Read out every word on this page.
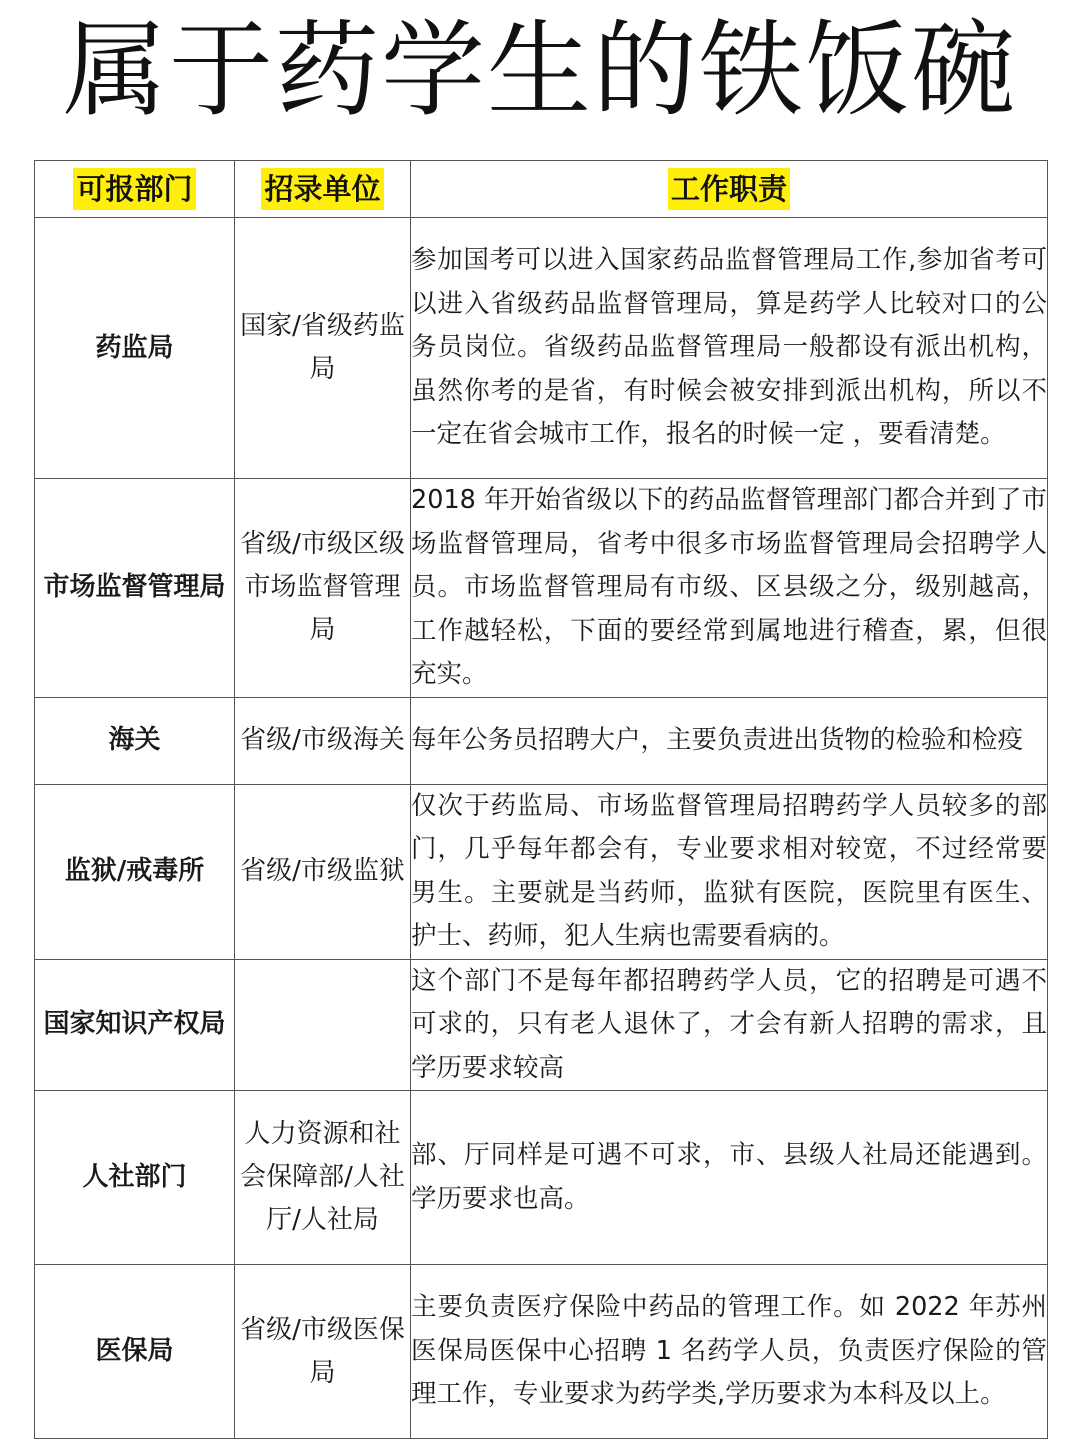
属于药学生的铁饭碗
可报部门	招录单位	工作职责
药监局	国家/省级药监局	参加国考可以进入国家药品监督管理局工作,参加省考可以进入省级药品监督管理局，算是药学人比较对口的公务员岗位。省级药品监督管理局一般都设有派出机构，虽然你考的是省，有时候会被安排到派出机构，所以不一定在省会城市工作，报名的时候一定 ，要看清楚。
市场监督管理局	省级/市级区级市场监督管理局	2018 年开始省级以下的药品监督管理部门都合并到了市场监督管理局，省考中很多市场监督管理局会招聘学人员。市场监督管理局有市级、区县级之分，级别越高，工作越轻松，下面的要经常到属地进行稽查，累，但很充实。
海关	省级/市级海关	每年公务员招聘大户，主要负责进出货物的检验和检疫
监狱/戒毒所	省级/市级监狱	仅次于药监局、市场监督管理局招聘药学人员较多的部门，几乎每年都会有，专业要求相对较宽，不过经常要男生。主要就是当药师，监狱有医院，医院里有医生、护士、药师，犯人生病也需要看病的。
国家知识产权局		这个部门不是每年都招聘药学人员，它的招聘是可遇不可求的，只有老人退休了，才会有新人招聘的需求，且学历要求较高
人社部门	人力资源和社会保障部/人社厅/人社局	部、厅同样是可遇不可求，市、县级人社局还能遇到。学历要求也高。
医保局	省级/市级医保局	主要负责医疗保险中药品的管理工作。如 2022 年苏州医保局医保中心招聘 1 名药学人员，负责医疗保险的管理工作，专业要求为药学类,学历要求为本科及以上。
